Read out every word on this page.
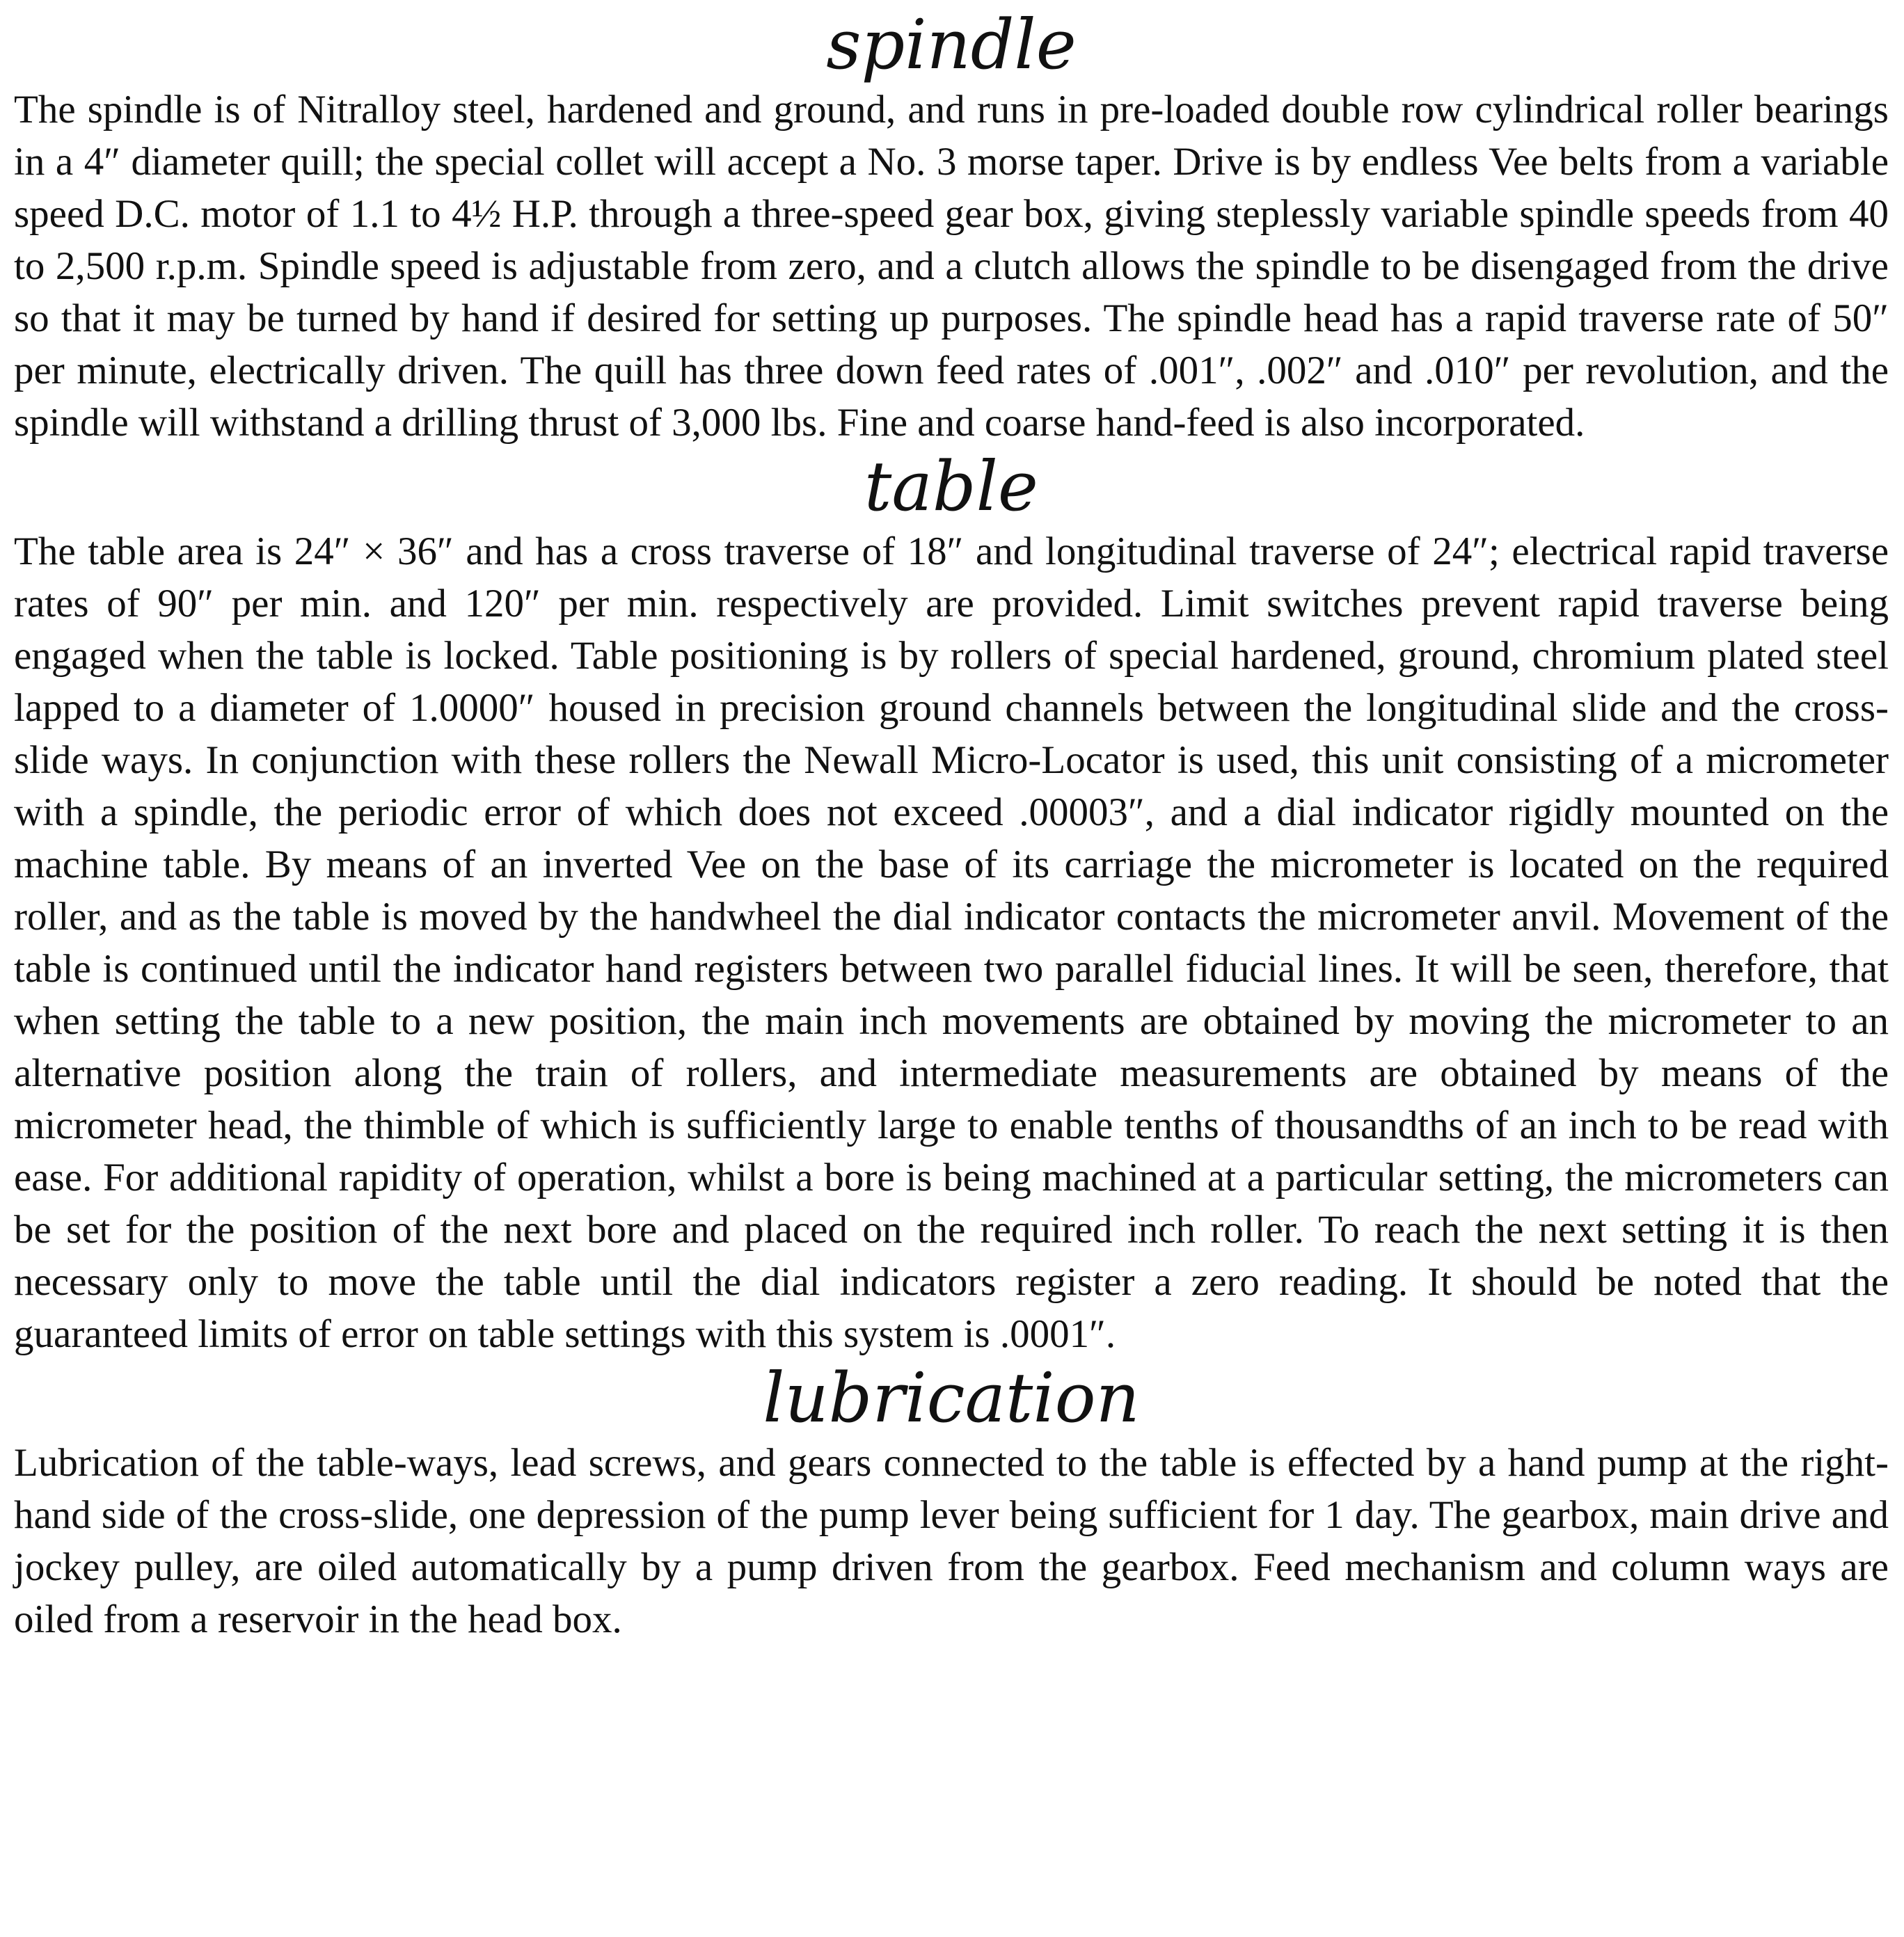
spindle

The spindle is of Nitralloy steel, hardened and ground, and runs in pre-loaded double row cylindrical roller bearings in a 4″ diameter quill; the special collet will accept a No. 3 morse taper. Drive is by endless Vee belts from a variable speed D.C. motor of 1.1 to 4½ H.P. through a three-speed gear box, giving steplessly variable spindle speeds from 40 to 2,500 r.p.m. Spindle speed is adjustable from zero, and a clutch allows the spindle to be disengaged from the drive so that it may be turned by hand if desired for setting up purposes. The spindle head has a rapid traverse rate of 50″ per minute, electrically driven. The quill has three down feed rates of .001″, .002″ and .010″ per revolution, and the spindle will withstand a drilling thrust of 3,000 lbs. Fine and coarse hand-feed is also incorporated.

table

The table area is 24″ × 36″ and has a cross traverse of 18″ and longitudinal traverse of 24″; electrical rapid traverse rates of 90″ per min. and 120″ per min. respectively are provided. Limit switches prevent rapid traverse being engaged when the table is locked. Table positioning is by rollers of special hardened, ground, chromium plated steel lapped to a diameter of 1.0000″ housed in precision ground channels between the longitudinal slide and the cross-slide ways. In conjunction with these rollers the Newall Micro-Locator is used, this unit consisting of a micrometer with a spindle, the periodic error of which does not exceed .00003″, and a dial indicator rigidly mounted on the machine table. By means of an inverted Vee on the base of its carriage the micrometer is located on the required roller, and as the table is moved by the handwheel the dial indicator contacts the micrometer anvil. Movement of the table is continued until the indicator hand registers between two parallel fiducial lines. It will be seen, therefore, that when setting the table to a new position, the main inch movements are obtained by moving the micrometer to an alternative position along the train of rollers, and intermediate measurements are obtained by means of the micrometer head, the thimble of which is sufficiently large to enable tenths of thousandths of an inch to be read with ease. For additional rapidity of operation, whilst a bore is being machined at a particular setting, the micrometers can be set for the position of the next bore and placed on the required inch roller. To reach the next setting it is then necessary only to move the table until the dial indicators register a zero reading. It should be noted that the guaranteed limits of error on table settings with this system is .0001″.

lubrication

Lubrication of the table-ways, lead screws, and gears connected to the table is effected by a hand pump at the right-hand side of the cross-slide, one depression of the pump lever being sufficient for 1 day. The gearbox, main drive and jockey pulley, are oiled automatically by a pump driven from the gearbox. Feed mechanism and column ways are oiled from a reservoir in the head box.
